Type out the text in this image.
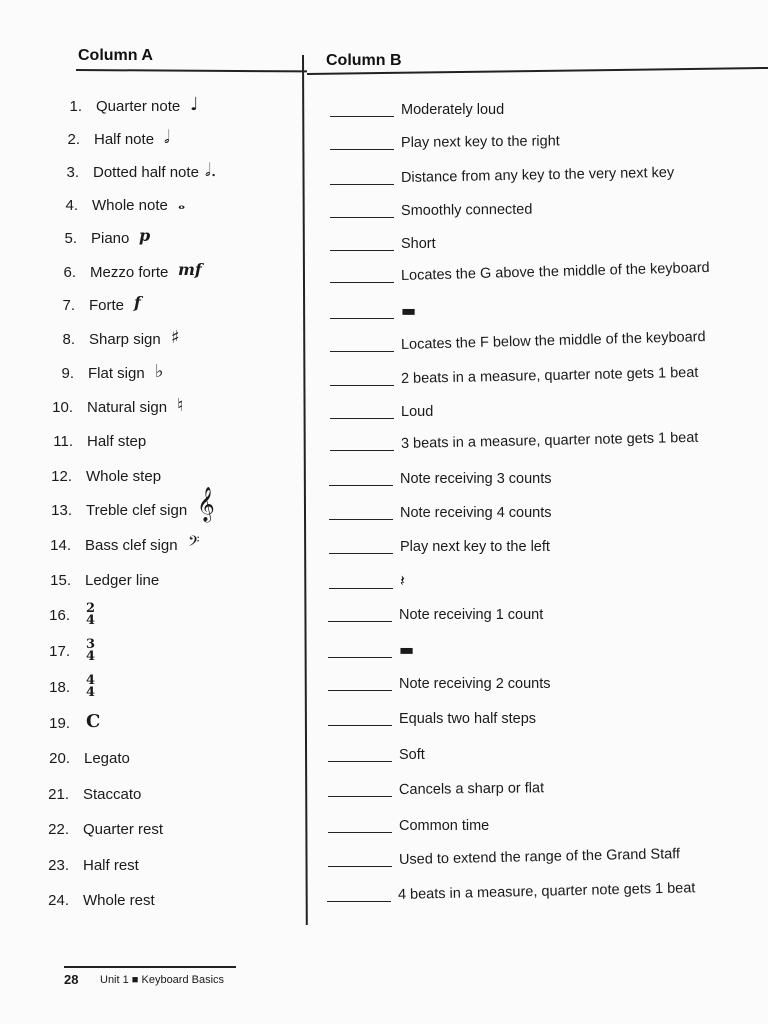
Column A	Column B
1. Quarter note ♩
2. Half note 𝅗𝅥
3. Dotted half note 𝅗𝅥.
4. Whole note 𝅝
5. Piano p
6. Mezzo forte mf
7. Forte f
8. Sharp sign ♯
9. Flat sign ♭
10. Natural sign ♮
11. Half step
12. Whole step
13. Treble clef sign 𝄞
14. Bass clef sign 𝄢
15. Ledger line
16. 2
4
17. 3
4
18. 4
4
19. C
20. Legato
21. Staccato
22. Quarter rest
23. Half rest
24. Whole rest
Moderately loud
Play next key to the right
Distance from any key to the very next key
Smoothly connected
Short
Locates the G above the middle of the keyboard
▬
Locates the F below the middle of the keyboard
2 beats in a measure, quarter note gets 1 beat
Loud
3 beats in a measure, quarter note gets 1 beat
Note receiving 3 counts
Note receiving 4 counts
Play next key to the left
𝄽
Note receiving 1 count
▬
Note receiving 2 counts
Equals two half steps
Soft
Cancels a sharp or flat
Common time
Used to extend the range of the Grand Staff
4 beats in a measure, quarter note gets 1 beat
28 Unit 1 ■ Keyboard Basics
